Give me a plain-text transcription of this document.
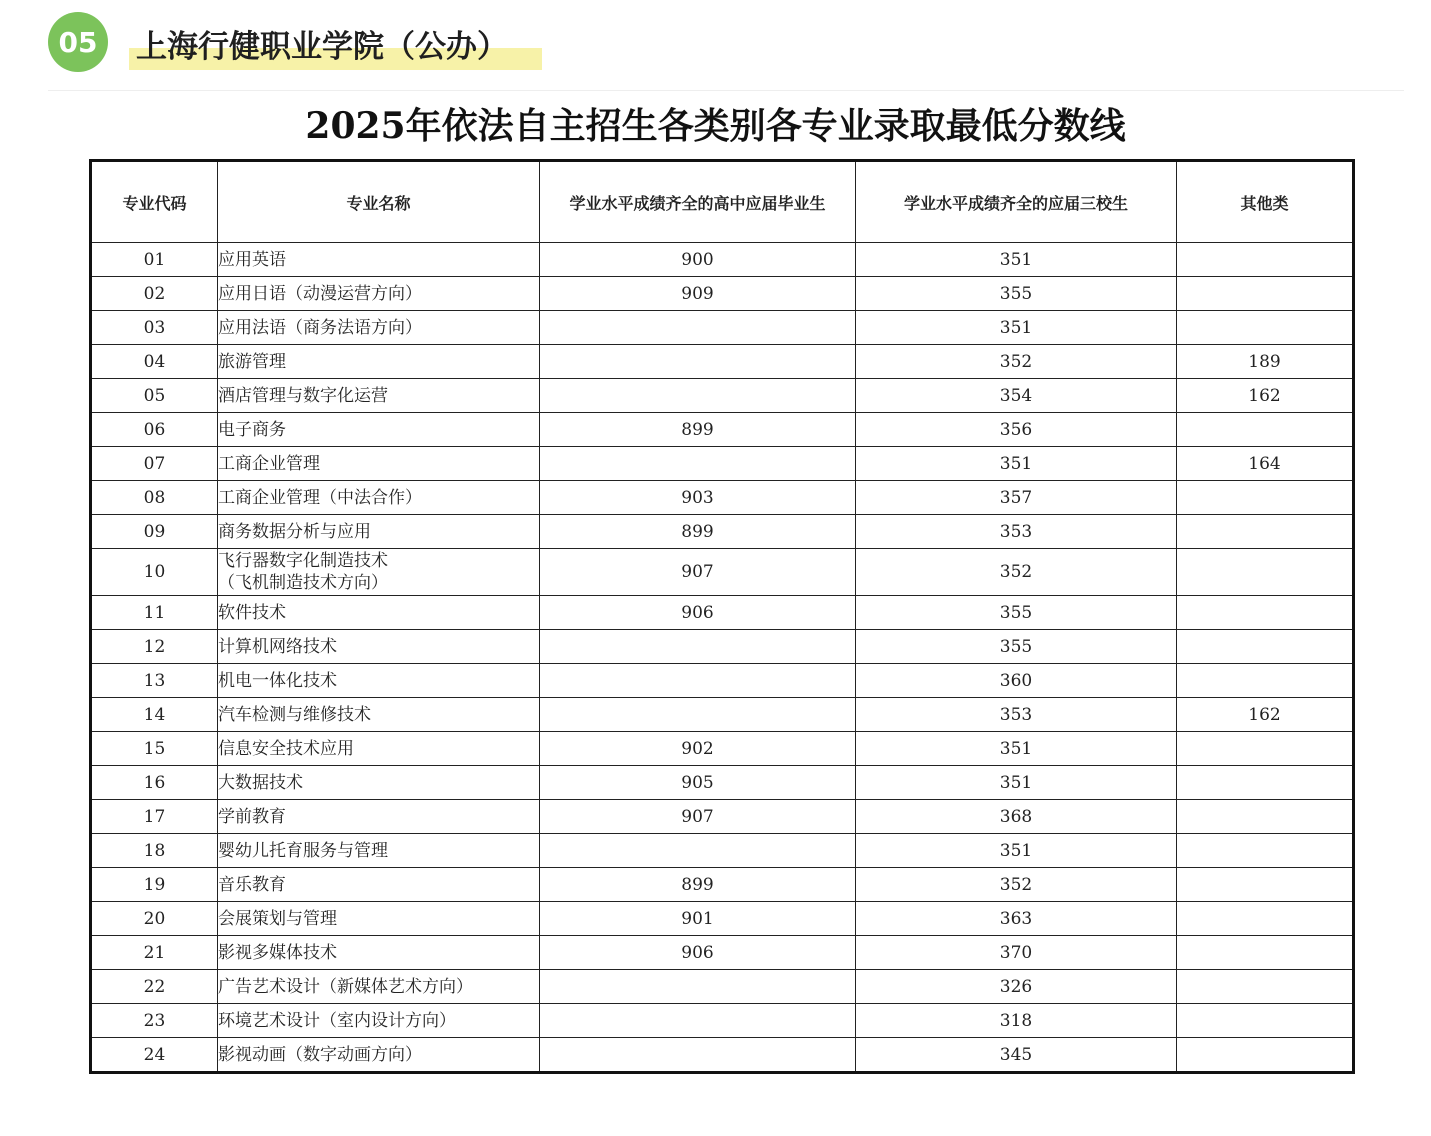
05	上海行健职业学院（公办）
2025年依法自主招生各类别各专业录取最低分数线
专业代码	专业名称	学业水平成绩齐全的高中应届毕业生	学业水平成绩齐全的应届三校生	其他类
01	应用英语	900	351	
02	应用日语（动漫运营方向）	909	355	
03	应用法语（商务法语方向）		351	
04	旅游管理		352	189
05	酒店管理与数字化运营		354	162
06	电子商务	899	356	
07	工商企业管理		351	164
08	工商企业管理（中法合作）	903	357	
09	商务数据分析与应用	899	353	
10	飞行器数字化制造技术
（飞机制造技术方向）	907	352	
11	软件技术	906	355	
12	计算机网络技术		355	
13	机电一体化技术		360	
14	汽车检测与维修技术		353	162
15	信息安全技术应用	902	351	
16	大数据技术	905	351	
17	学前教育	907	368	
18	婴幼儿托育服务与管理		351	
19	音乐教育	899	352	
20	会展策划与管理	901	363	
21	影视多媒体技术	906	370	
22	广告艺术设计（新媒体艺术方向）		326	
23	环境艺术设计（室内设计方向）		318	
24	影视动画（数字动画方向）		345	
